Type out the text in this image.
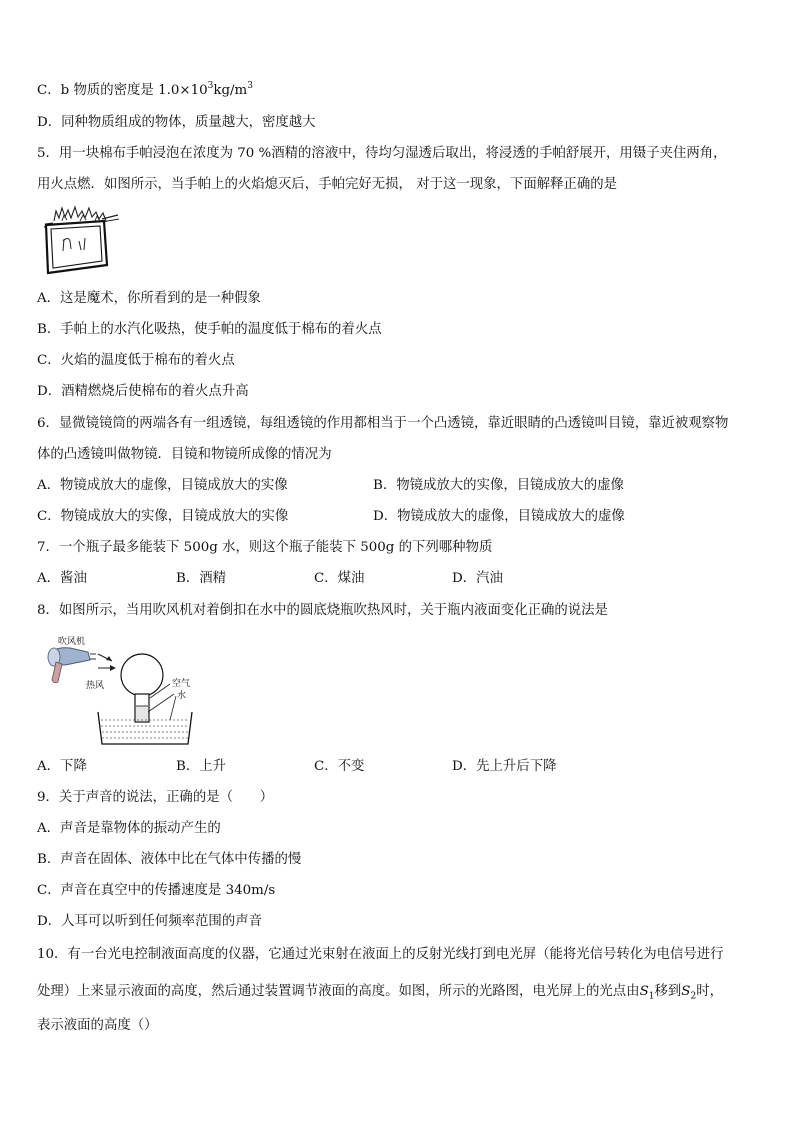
C．b 物质的密度是 $1.0\times 10^3kg/m^3$
D．同种物质组成的物体，质量越大，密度越大
5．用一块棉布手帕浸泡在浓度为 70 %酒精的溶液中，待均匀湿透后取出，将浸透的手帕舒展开，用镊子夹住两角，
用火点燃．如图所示，当手帕上的火焰熄灭后，手帕完好无损， 对于这一现象，下面解释正确的是
A．这是魔术，你所看到的是一种假象
B．手帕上的水汽化吸热，使手帕的温度低于棉布的着火点
C．火焰的温度低于棉布的着火点
D．酒精燃烧后使棉布的着火点升高
6．显微镜镜筒的两端各有一组透镜，每组透镜的作用都相当于一个凸透镜，靠近眼睛的凸透镜叫目镜，靠近被观察物
体的凸透镜叫做物镜．目镜和物镜所成像的情况为
A．物镜成放大的虚像，目镜成放大的实像	B．物镜成放大的实像，目镜成放大的虚像
C．物镜成放大的实像，目镜成放大的实像	D．物镜成放大的虚像，目镜成放大的虚像
7．一个瓶子最多能装下 500g 水，则这个瓶子能装下 500g 的下列哪种物质
A．酱油	B．酒精	C．煤油	D．汽油
8．如图所示，当用吹风机对着倒扣在水中的圆底烧瓶吹热风时，关于瓶内液面变化正确的说法是
吹风机
热风	空气
水
A．下降	B．上升	C．不变	D．先上升后下降
9．关于声音的说法，正确的是（　　）
A．声音是靠物体的振动产生的
B．声音在固体、液体中比在气体中传播的慢
C．声音在真空中的传播速度是 340m/s
D．人耳可以听到任何频率范围的声音
10．有一台光电控制液面高度的仪器，它通过光束射在液面上的反射光线打到电光屏（能将光信号转化为电信号进行
处理）上来显示液面的高度，然后通过装置调节液面的高度。如图，所示的光路图，电光屏上的光点由$S_1$移到$S_2$时，
表示液面的高度（）
